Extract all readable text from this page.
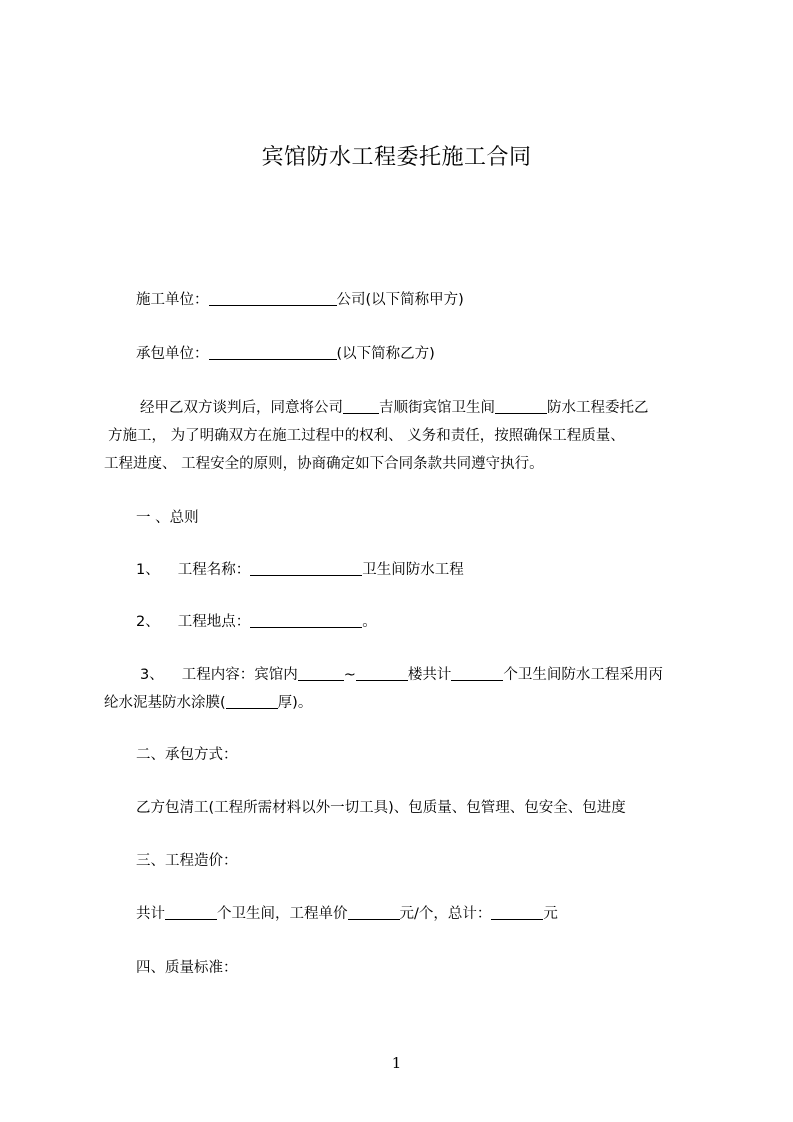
宾馆防水工程委托施工合同
施工单位：	公司(以下简称甲方)
承包单位：	(以下简称乙方)
经甲乙双方谈判后，同意将公司 吉顺街宾馆卫生间	防水工程委托乙
方施工， 为了明确双方在施工过程中的权利、 义务和责任，按照确保工程质量、
工程进度、 工程安全的原则，协商确定如下合同条款共同遵守执行。
一 、总则
1、 工程名称：	卫生间防水工程
2、 工程地点：	。
3、 工程内容：宾馆内	~	楼共计	个卫生间防水工程采用丙
纶水泥基防水涂膜(	厚)。
二、承包方式：
乙方包清工(工程所需材料以外一切工具)、包质量、包管理、包安全、包进度
三、工程造价：
共计	个卫生间，工程单价	元/个，总计：	元
四、质量标准：
1
